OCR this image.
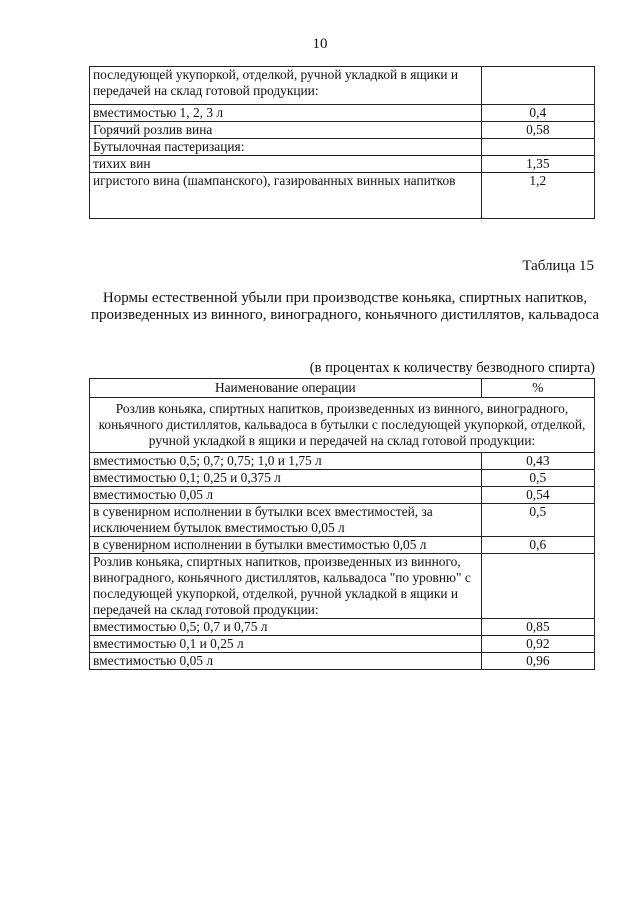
10
последующей укупоркой, отделкой, ручной укладкой в ящики и передачей на склад готовой продукции:	
вместимостью 1, 2, 3 л	0,4
Горячий розлив вина	0,58
Бутылочная пастеризация:	
тихих вин	1,35
игристого вина (шампанского), газированных винных напитков	1,2
Таблица 15
Нормы естественной убыли при производстве коньяка, спиртных напитков, произведенных из винного, виноградного, коньячного дистиллятов, кальвадоса
(в процентах к количеству безводного спирта)
Наименование операции	%
Розлив коньяка, спиртных напитков, произведенных из винного, виноградного, коньячного дистиллятов, кальвадоса в бутылки с последующей укупоркой, отделкой, ручной укладкой в ящики и передачей на склад готовой продукции:	
вместимостью 0,5; 0,7; 0,75; 1,0 и 1,75 л	0,43
вместимостью 0,1; 0,25 и 0,375 л	0,5
вместимостью 0,05 л	0,54
в сувенирном исполнении в бутылки всех вместимостей, за исключением бутылок вместимостью 0,05 л	0,5
в сувенирном исполнении в бутылки вместимостью 0,05 л	0,6
Розлив коньяка, спиртных напитков, произведенных из винного, виноградного, коньячного дистиллятов, кальвадоса "по уровню" с последующей укупоркой, отделкой, ручной укладкой в ящики и передачей на склад готовой продукции:	
вместимостью 0,5; 0,7 и 0,75 л	0,85
вместимостью 0,1 и 0,25 л	0,92
вместимостью 0,05 л	0,96
